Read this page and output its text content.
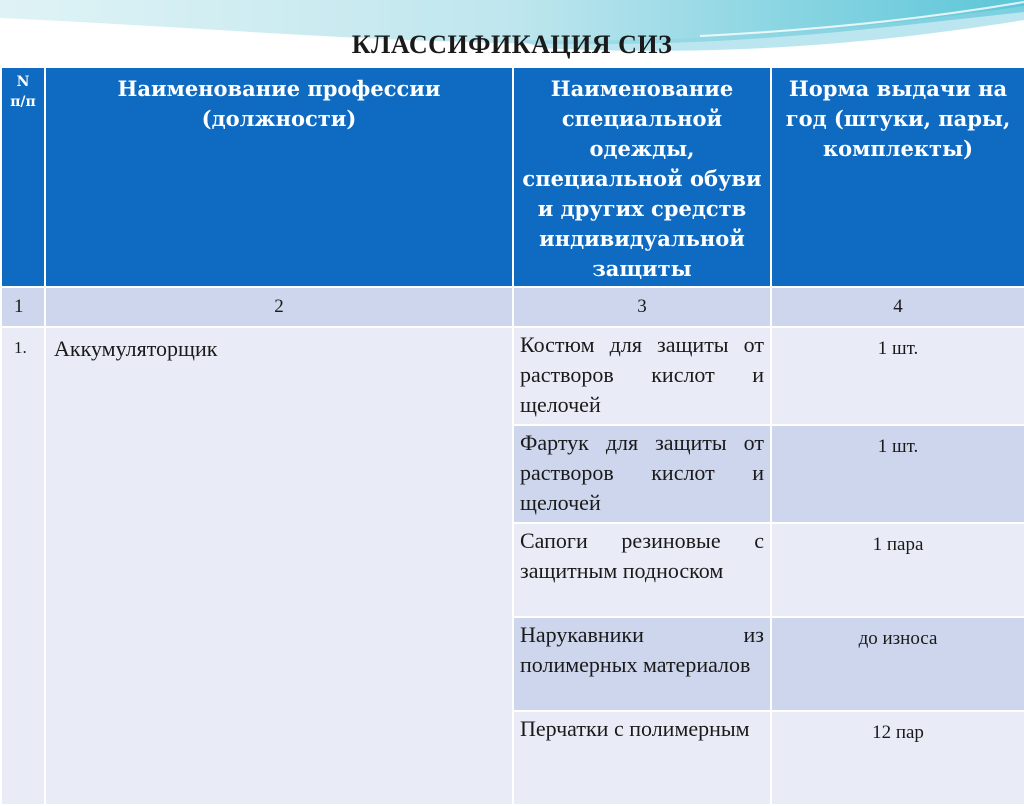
КЛАССИФИКАЦИЯ СИЗ
N п/п	Наименование профессии (должности)	Наименование специальной одежды, специальной обуви и других средств индивидуальной защиты	Норма выдачи на год (штуки, пары, комплекты)
1	2	3	4
1.	Аккумуляторщик	Костюм для защиты от растворов кислот и щелочей	1 шт.
		Фартук для защиты от растворов кислот и щелочей	1 шт.
		Сапоги резиновые с защитным подноском	1 пара
		Нарукавники из полимерных материалов	до износа
		Перчатки с полимерным	12 пар
